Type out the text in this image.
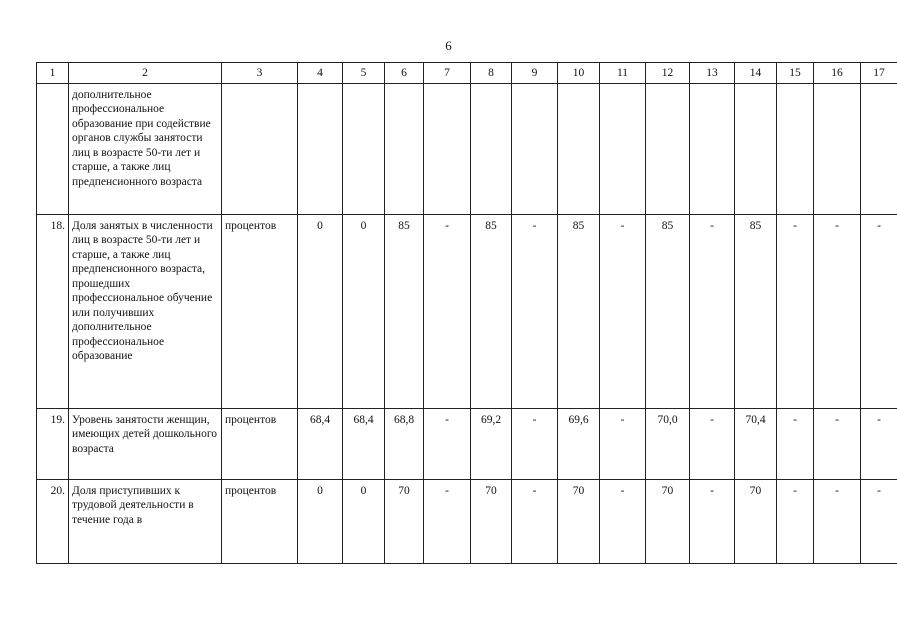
6
1	2	3	4	5	6	7	8	9	10	11	12	13	14	15	16	17
	дополнительное профессиональное образование при содействие органов службы занятости лиц в возрасте 50-ти лет и старше, а также лиц предпенсионного возраста															
18.	Доля занятых в численности лиц в возрасте 50-ти лет и старше, а также лиц предпенсионного возраста, прошедших профессиональное обучение или получивших дополнительное профессиональное образование	процентов	0	0	85	-	85	-	85	-	85	-	85	-	-	-
19.	Уровень занятости женщин, имеющих детей дошкольного возраста	процентов	68,4	68,4	68,8	-	69,2	-	69,6	-	70,0	-	70,4	-	-	-
20.	Доля приступивших к трудовой деятельности в течение года в	процентов	0	0	70	-	70	-	70	-	70	-	70	-	-	-
